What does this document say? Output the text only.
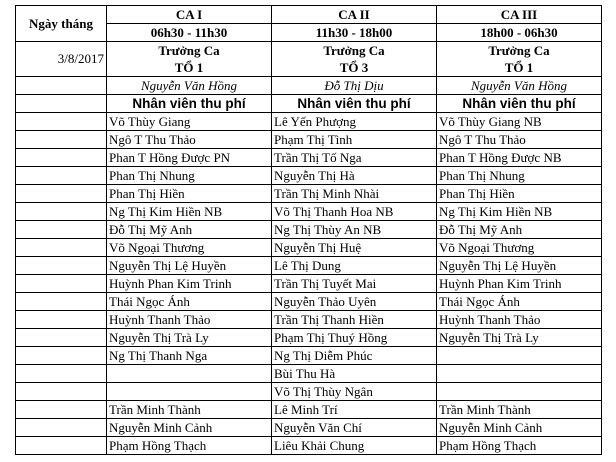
Ngày tháng	CA I	CA II	CA III
	06h30 - 11h30	11h30 - 18h00	18h00 - 06h30
3/8/2017	Trưởng Ca	Trưởng Ca	Trưởng Ca
	TỔ 1	TỔ 3	TỔ 1
	Nguyễn Văn Hồng	Đỗ Thị Dịu	Nguyễn Văn Hồng
	Nhân viên thu phí	Nhân viên thu phí	Nhân viên thu phí
	Võ Thùy Giang	Lê Yến Phượng	Võ Thùy Giang NB
	Ngô T Thu Thảo	Phạm Thị Tình	Ngô T Thu Thảo
	Phan T Hồng Được PN	Trần Thị Tố Nga	Phan T Hồng Được NB
	Phan Thị Nhung	Nguyễn Thị Hà	Phan Thị Nhung
	Phan Thị Hiền	Trần Thị Minh Nhài	Phan Thị Hiền
	Ng Thị Kim Hiền NB	Võ Thị Thanh Hoa NB	Ng Thị Kim Hiền NB
	Đỗ Thị Mỹ Anh	Ng Thị Thùy An NB	Đỗ Thị Mỹ Anh
	Võ Ngoại Thương	Nguyễn Thị Huệ	Võ Ngoại Thương
	Nguyễn Thị Lệ Huyền	Lê Thị Dung	Nguyễn Thị Lệ Huyền
	Huỳnh Phan Kim Trinh	Trần Thị Tuyết Mai	Huỳnh Phan Kim Trinh
	Thái Ngọc Ánh	Nguyễn Thảo Uyên	Thái Ngọc Ánh
	Huỳnh Thanh Thảo	Trần Thị Thanh Hiền	Huỳnh Thanh Thảo
	Nguyễn Thị Trà Ly	Phạm Thị Thuý Hồng	Nguyễn Thị Trà Ly
	Ng Thị Thanh Nga	Ng Thị Diễm Phúc	
		Bùi Thu Hà	
		Võ Thị Thùy Ngân	
	Trần Minh Thành	Lê Minh Trí	Trần Minh Thành
	Nguyễn Minh Cảnh	Nguyễn Văn Chí	Nguyễn Minh Cảnh
	Phạm Hồng Thạch	Liêu Khải Chung	Phạm Hồng Thạch
